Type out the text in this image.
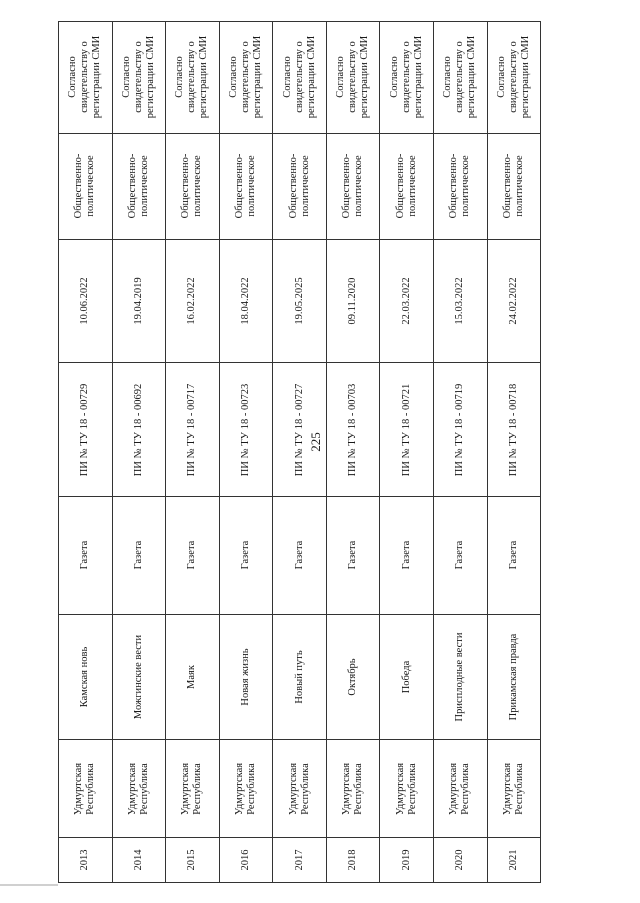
225
2013
Удмуртская Республика
Камская новь
Газета
ПИ № ТУ 18 - 00729
10.06.2022
Общественно-политическое
Согласно свидетельству о регистрации СМИ
2014
Удмуртская Республика
Можгинские вести
Газета
ПИ № ТУ 18 - 00692
19.04.2019
Общественно-политическое
Согласно свидетельству о регистрации СМИ
2015
Удмуртская Республика
Маяк
Газета
ПИ № ТУ 18 - 00717
16.02.2022
Общественно-политическое
Согласно свидетельству о регистрации СМИ
2016
Удмуртская Республика
Новая жизнь
Газета
ПИ № ТУ 18 - 00723
18.04.2022
Общественно-политическое
Согласно свидетельству о регистрации СМИ
2017
Удмуртская Республика
Новый путь
Газета
ПИ № ТУ 18 - 00727
19.05.2025
Общественно-политическое
Согласно свидетельству о регистрации СМИ
2018
Удмуртская Республика
Октябрь
Газета
ПИ № ТУ 18 - 00703
09.11.2020
Общественно-политическое
Согласно свидетельству о регистрации СМИ
2019
Удмуртская Республика
Победа
Газета
ПИ № ТУ 18 - 00721
22.03.2022
Общественно-политическое
Согласно свидетельству о регистрации СМИ
2020
Удмуртская Республика
Присплодные вести
Газета
ПИ № ТУ 18 - 00719
15.03.2022
Общественно-политическое
Согласно свидетельству о регистрации СМИ
2021
Удмуртская Республика
Прикамская правда
Газета
ПИ № ТУ 18 - 00718
24.02.2022
Общественно-политическое
Согласно свидетельству о регистрации СМИ
